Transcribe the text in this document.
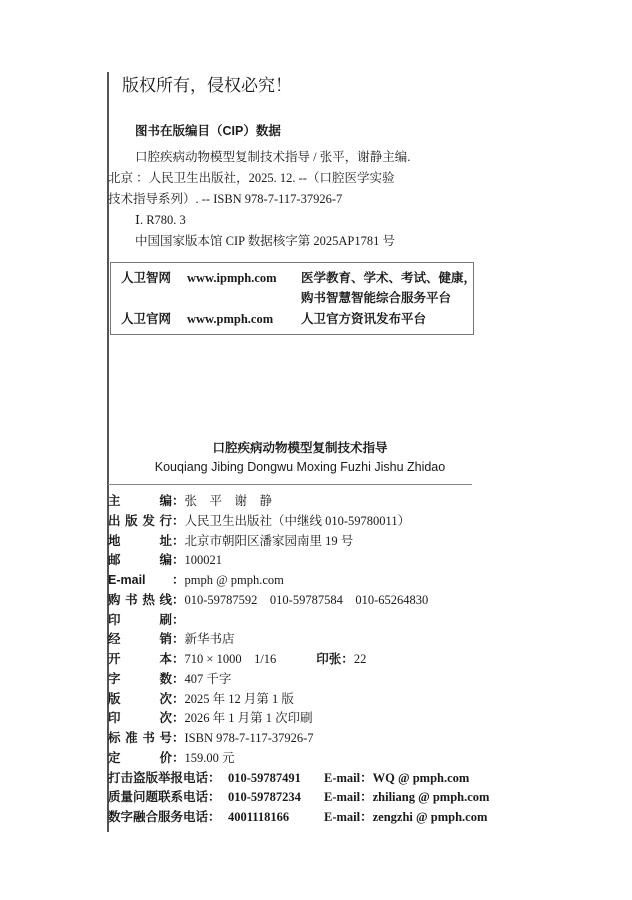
版权所有，侵权必究！
图书在版编目（CIP）数据
口腔疾病动物模型复制技术指导 / 张平，谢静主编.
北京 ：人民卫生出版社，2025. 12. --（口腔医学实验
技术指导系列）. -- ISBN 978-7-117-37926-7
Ⅰ. R780. 3
中国国家版本馆 CIP 数据核字第 2025AP1781 号
人卫智网 www.ipmph.com 医学教育、学术、考试、健康，
购书智慧智能综合服务平台
人卫官网 www.pmph.com 人卫官方资讯发布平台
口腔疾病动物模型复制技术指导
Kouqiang Jibing Dongwu Moxing Fuzhi Jishu Zhidao
主编：张　平　谢　静
出版发行：人民卫生出版社（中继线 010-59780011）
地址：北京市朝阳区潘家园南里 19 号
邮编：100021
E-mail ：pmph @ pmph.com
购书热线：010-59787592　010-59787584　010-65264830
印刷：
经销：新华书店
开本：710 × 1000　1/16	印张：22
字数：407 千字
版次：2025 年 12 月第 1 版
印次：2026 年 1 月第 1 次印刷
标准书号：ISBN 978-7-117-37926-7
定价：159.00 元
打击盗版举报电话： 010-59787491 E-mail：WQ @ pmph.com
质量问题联系电话： 010-59787234 E-mail：zhiliang @ pmph.com
数字融合服务电话： 4001118166	E-mail：zengzhi @ pmph.com
